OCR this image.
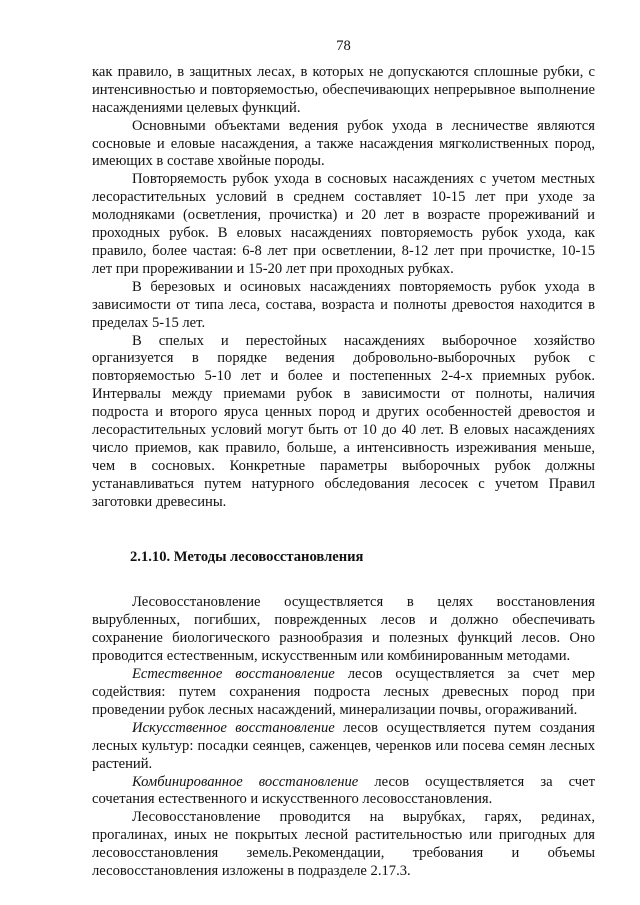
78

как правило, в защитных лесах, в которых не допускаются сплошные рубки, с интенсивностью и повторяемостью, обеспечивающих непрерывное выполнение насаждениями целевых функций.

Основными объектами ведения рубок ухода в лесничестве являются сосновые и еловые насаждения, а также насаждения мягколиственных пород, имеющих в составе хвойные породы.

Повторяемость рубок ухода в сосновых насаждениях с учетом местных лесорастительных условий в среднем составляет 10-15 лет при уходе за молодняками (осветления, прочистка) и 20 лет в возрасте прореживаний и проходных рубок. В еловых насаждениях повторяемость рубок ухода, как правило, более частая: 6-8 лет при осветлении, 8-12 лет при прочистке, 10-15 лет при прореживании и 15-20 лет при проходных рубках.

В березовых и осиновых насаждениях повторяемость рубок ухода в зависимости от типа леса, состава, возраста и полноты древостоя находится в пределах 5-15 лет.

В спелых и перестойных насаждениях выборочное хозяйство организуется в порядке ведения добровольно-выборочных рубок с повторяемостью 5-10 лет и более и постепенных 2-4-х приемных рубок. Интервалы между приемами рубок в зависимости от полноты, наличия подроста и второго яруса ценных пород и других особенностей древостоя и лесорастительных условий могут быть от 10 до 40 лет. В еловых насаждениях число приемов, как правило, больше, а интенсивность изреживания меньше, чем в сосновых. Конкретные параметры выборочных рубок должны устанавливаться путем натурного обследования лесосек с учетом Правил заготовки древесины.

2.1.10. Методы лесовосстановления

Лесовосстановление осуществляется в целях восстановления вырубленных, погибших, поврежденных лесов и должно обеспечивать сохранение биологического разнообразия и полезных функций лесов. Оно проводится естественным, искусственным или комбинированным методами.

Естественное восстановление лесов осуществляется за счет мер содействия: путем сохранения подроста лесных древесных пород при проведении рубок лесных насаждений, минерализации почвы, огораживаний.

Искусственное восстановление лесов осуществляется путем создания лесных культур: посадки сеянцев, саженцев, черенков или посева семян лесных растений.

Комбинированное восстановление лесов осуществляется за счет сочетания естественного и искусственного лесовосстановления.

Лесовосстановление проводится на вырубках, гарях, рединах, прогалинах, иных не покрытых лесной растительностью или пригодных для лесовосстановления земель.Рекомендации, требования и объемы лесовосстановления изложены в подразделе 2.17.3.
